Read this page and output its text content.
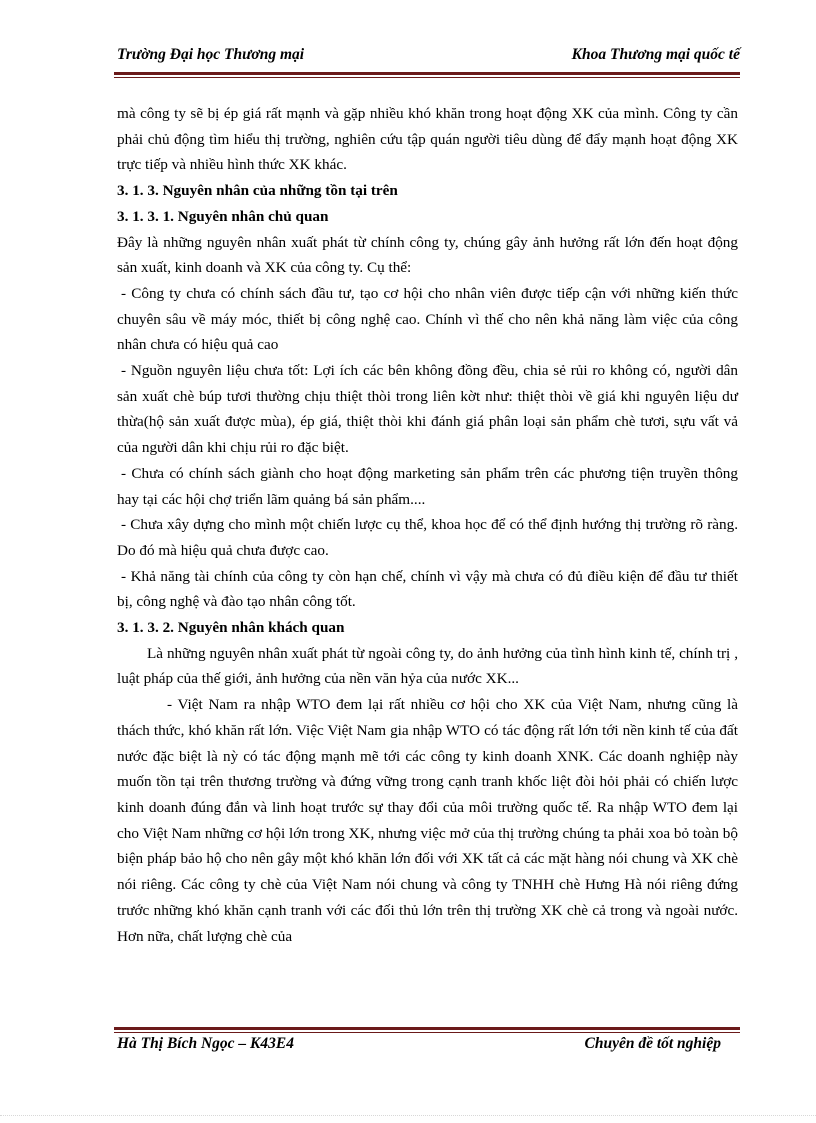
Trường Đại học Thương mại	Khoa Thương mại quốc tế

mà công ty sẽ bị ép giá rất mạnh và gặp nhiều khó khăn trong hoạt động XK của mình. Công ty cần phải chủ động tìm hiểu thị trường, nghiên cứu tập quán người tiêu dùng để đẩy mạnh hoạt động XK trực tiếp và nhiều hình thức XK khác.

3. 1. 3. Nguyên nhân của những tồn tại trên

3. 1. 3. 1. Nguyên nhân chủ quan

Đây là những nguyên nhân xuất phát từ chính công ty, chúng gây ảnh hưởng rất lớn đến hoạt động sản xuất, kinh doanh và XK của công ty. Cụ thể:

- Công ty chưa có chính sách đầu tư, tạo cơ hội cho nhân viên được tiếp cận với những kiến thức chuyên sâu về máy móc, thiết bị công nghệ cao. Chính vì thế cho nên khả năng làm việc của công nhân chưa có hiệu quả cao

- Nguồn nguyên liệu chưa tốt: Lợi ích các bên không đồng đều, chia sẻ rủi ro không có, người dân sản xuất chè búp tươi thường chịu thiệt thòi trong liên kờt như: thiệt thòi về giá khi nguyên liệu dư thừa(hộ sản xuất được mùa), ép giá, thiệt thòi khi đánh giá phân loại sản phẩm chè tươi, sựu vất vả của người dân khi chịu rủi ro đặc biệt.

- Chưa có chính sách giành cho hoạt động marketing sản phẩm trên các phương tiện truyền thông hay tại các hội chợ triển lãm quảng bá sản phẩm....

- Chưa xây dựng cho mình một chiến lược cụ thể, khoa học để có thể định hướng thị trường rõ ràng. Do đó mà hiệu quả chưa được cao.

- Khả năng tài chính của công ty còn hạn chế, chính vì vậy mà chưa có đủ điều kiện để đầu tư thiết bị, công nghệ và đào tạo nhân công tốt.

3. 1. 3. 2. Nguyên nhân khách quan

Là những nguyên nhân xuất phát từ ngoài công ty, do ảnh hưởng của tình hình kinh tế, chính trị , luật pháp của thế giới, ảnh hưởng của nền văn hỷa của nước XK...

- Việt Nam ra nhập WTO đem lại rất nhiều cơ hội cho XK của Việt Nam, nhưng cũng là thách thức, khó khăn rất lớn. Việc Việt Nam gia nhập WTO có tác động rất lớn tới nền kinh tế của đất nước đặc biệt là nỳ có tác động mạnh mẽ tới các công ty kinh doanh XNK. Các doanh nghiệp này muốn tồn tại trên thương trường và đứng vững trong cạnh tranh khốc liệt đòi hỏi phải có chiến lược kinh doanh đúng đắn và linh hoạt trước sự thay đổi của môi trường quốc tế. Ra nhập WTO đem lại cho Việt Nam những cơ hội lớn trong XK, nhưng việc mở của thị trường chúng ta phải xoa bỏ toàn bộ biện pháp bảo hộ cho nên gây một khó khăn lớn đối với XK tất cả các mặt hàng nói chung và XK chè nói riêng. Các công ty chè của Việt Nam nói chung và công ty TNHH chè Hưng Hà nói riêng đứng trước những khó khăn cạnh tranh với các đối thủ lớn trên thị trường XK chè cả trong và ngoài nước. Hơn nữa, chất lượng chè của

Hà Thị Bích Ngọc – K43E4	Chuyên đề tốt nghiệp
